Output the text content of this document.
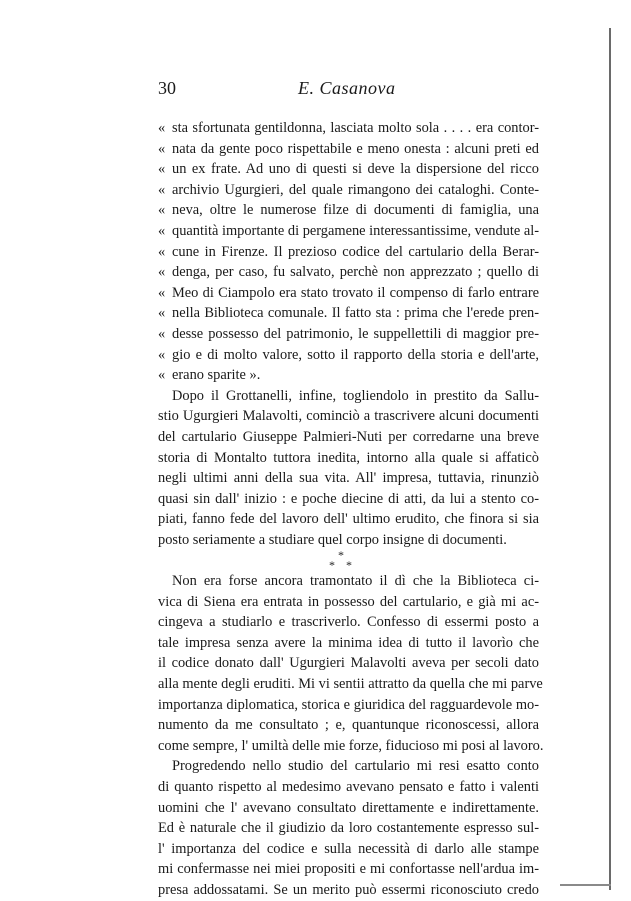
30	E. Casanova
« sta sfortunata gentildonna, lasciata molto sola . . . . era contor-
« nata da gente poco rispettabile e meno onesta : alcuni preti ed
« un ex frate. Ad uno di questi si deve la dispersione del ricco
« archivio Ugurgieri, del quale rimangono dei cataloghi. Conte-
« neva, oltre le numerose filze di documenti di famiglia, una
« quantità importante di pergamene interessantissime, vendute al-
« cune in Firenze. Il prezioso codice del cartulario della Berar-
« denga, per caso, fu salvato, perchè non apprezzato ; quello di
« Meo di Ciampolo era stato trovato il compenso di farlo entrare
« nella Biblioteca comunale. Il fatto sta : prima che l'erede pren-
« desse possesso del patrimonio, le suppellettili di maggior pre-
« gio e di molto valore, sotto il rapporto della storia e dell'arte,
« erano sparite ».
Dopo il Grottanelli, infine, togliendolo in prestito da Sallu-
stio Ugurgieri Malavolti, cominciò a trascrivere alcuni documenti
del cartulario Giuseppe Palmieri-Nuti per corredarne una breve
storia di Montalto tuttora inedita, intorno alla quale si affaticò
negli ultimi anni della sua vita. All' impresa, tuttavia, rinunziò
quasi sin dall' inizio : e poche diecine di atti, da lui a stento co-
piati, fanno fede del lavoro dell' ultimo erudito, che finora si sia
posto seriamente a studiare quel corpo insigne di documenti.
*
* *
Non era forse ancora tramontato il dì che la Biblioteca ci-
vica di Siena era entrata in possesso del cartulario, e già mi ac-
cingeva a studiarlo e trascriverlo. Confesso di essermi posto a
tale impresa senza avere la minima idea di tutto il lavorìo che
il codice donato dall' Ugurgieri Malavolti aveva per secoli dato
alla mente degli eruditi. Mi vi sentii attratto da quella che mi parve
importanza diplomatica, storica e giuridica del ragguardevole mo-
numento da me consultato ; e, quantunque riconoscessi, allora
come sempre, l' umiltà delle mie forze, fiducioso mi posi al lavoro.
Progredendo nello studio del cartulario mi resi esatto conto
di quanto rispetto al medesimo avevano pensato e fatto i valenti
uomini che l' avevano consultato direttamente e indirettamente.
Ed è naturale che il giudizio da loro costantemente espresso sul-
l' importanza del codice e sulla necessità di darlo alle stampe
mi confermasse nei miei propositi e mi confortasse nell'ardua im-
presa addossatami. Se un merito può essermi riconosciuto credo
